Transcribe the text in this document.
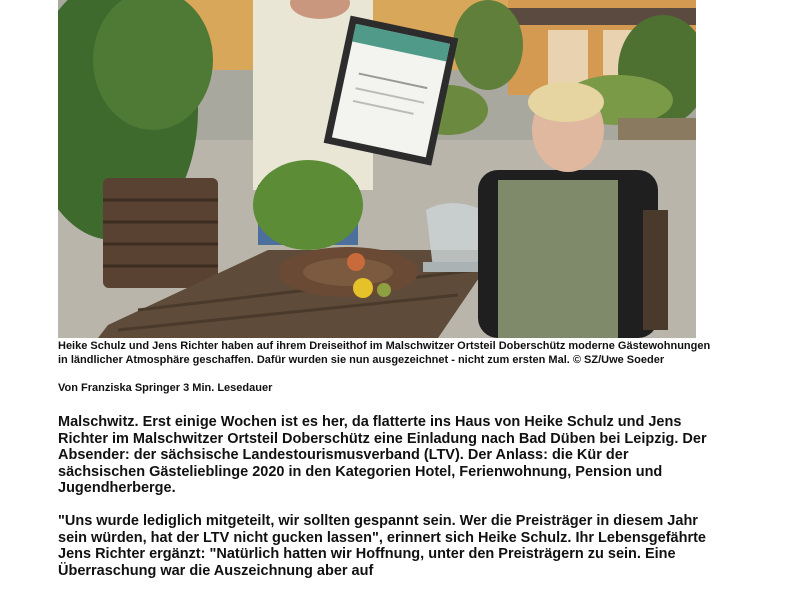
Heike Schulz und Jens Richter haben auf ihrem Dreiseithof im Malschwitzer Ortsteil Doberschütz moderne Gästewohnungen in ländlicher Atmosphäre geschaffen. Dafür wurden sie nun ausgezeichnet - nicht zum ersten Mal. © SZ/Uwe Soeder
Von Franziska Springer 3 Min. Lesedauer

Malschwitz. Erst einige Wochen ist es her, da flatterte ins Haus von Heike Schulz und Jens Richter im Malschwitzer Ortsteil Doberschütz eine Einladung nach Bad Düben bei Leipzig. Der Absender: der sächsische Landestourismusverband (LTV). Der Anlass: die Kür der sächsischen Gästelieblinge 2020 in den Kategorien Hotel, Ferienwohnung, Pension und Jugendherberge.

"Uns wurde lediglich mitgeteilt, wir sollten gespannt sein. Wer die Preisträger in diesem Jahr sein würden, hat der LTV nicht gucken lassen", erinnert sich Heike Schulz. Ihr Lebensgefährte Jens Richter ergänzt: "Natürlich hatten wir Hoffnung, unter den Preisträgern zu sein. Eine Überraschung war die Auszeichnung aber auf
